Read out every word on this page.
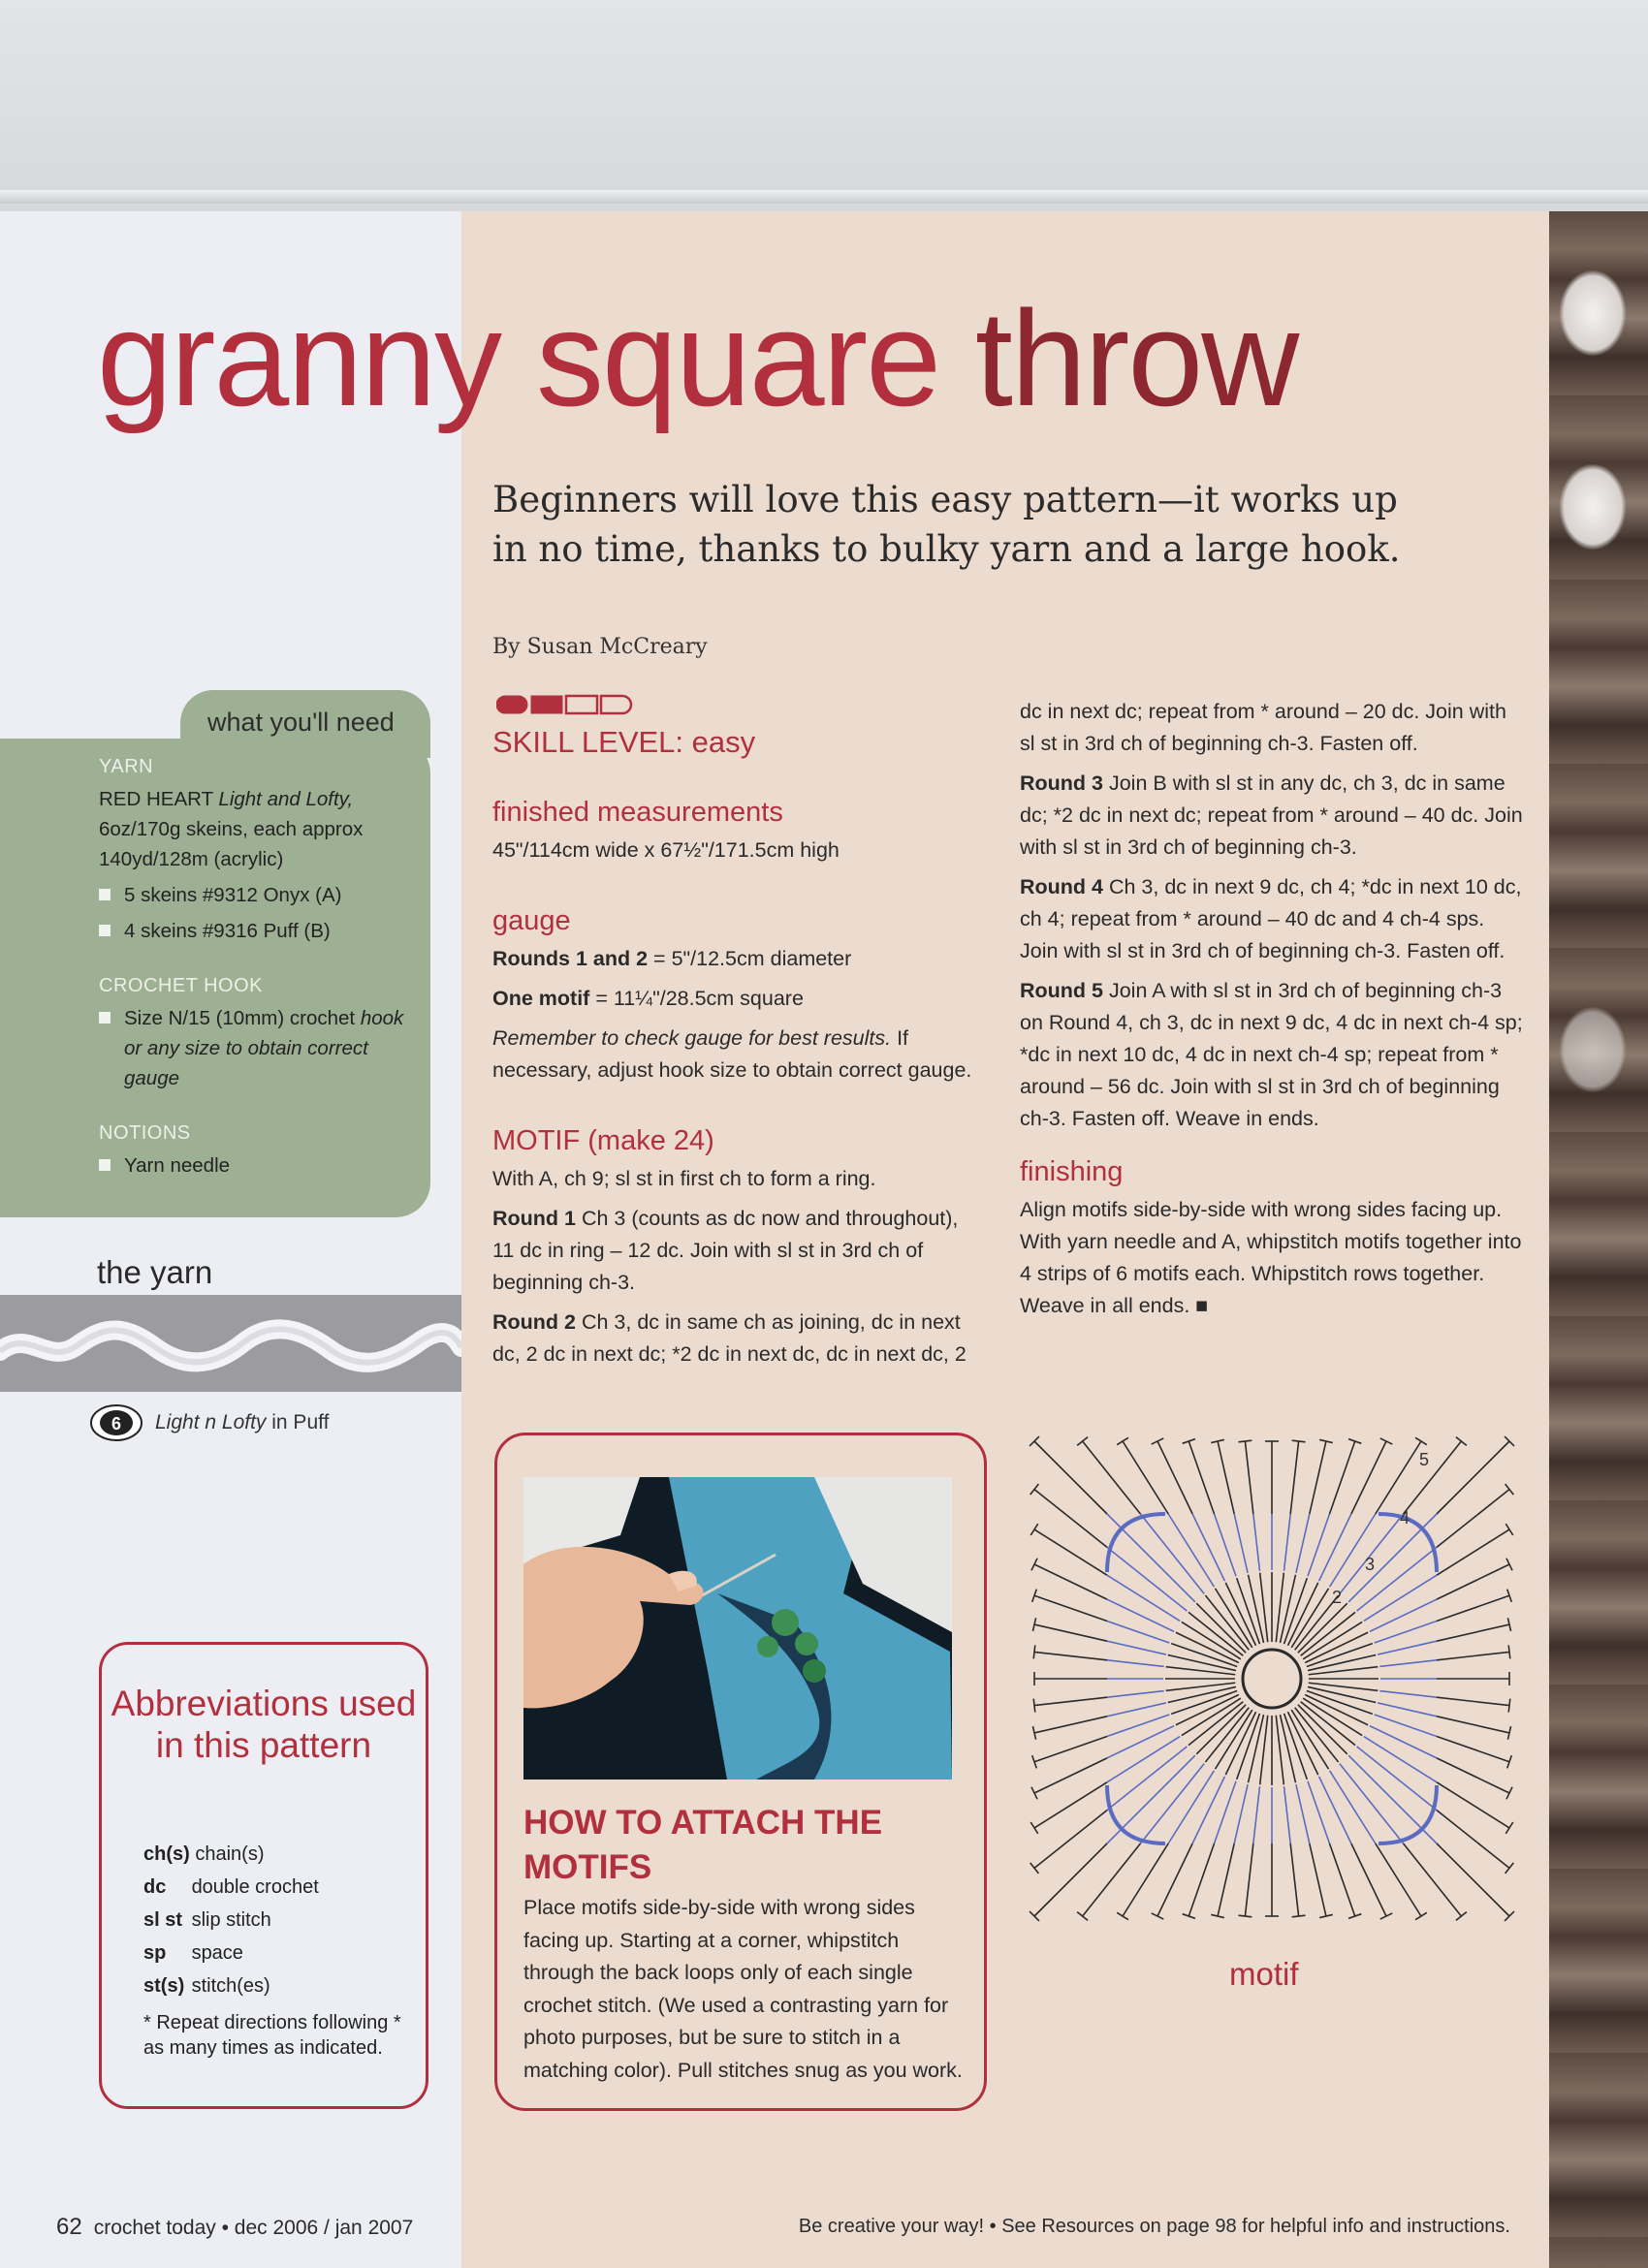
granny square throw

Beginners will love this easy pattern—it works up in no time, thanks to bulky yarn and a large hook.

By Susan McCreary
SKILL LEVEL: easy
what you'll need

YARN

RED HEART Light and Lofty, 6oz/170g skeins, each approx 140yd/128m (acrylic)

5 skeins #9312 Onyx (A)

4 skeins #9316 Puff (B)

CROCHET HOOK

Size N/15 (10mm) crochet hook or any size to obtain correct gauge

NOTIONS

Yarn needle

the yarn
6 Light n Lofty in Puff
Abbreviations used in this pattern

ch(s) chain(s)

dc double crochet

sl st slip stitch

sp space

st(s) stitch(es)

* Repeat directions following * as many times as indicated.

finished measurements

45"/114cm wide x 67½"/171.5cm high

gauge

Rounds 1 and 2 = 5"/12.5cm diameter

One motif = 11¼"/28.5cm square

Remember to check gauge for best results. If necessary, adjust hook size to obtain correct gauge.

MOTIF (make 24)

With A, ch 9; sl st in first ch to form a ring.

Round 1 Ch 3 (counts as dc now and throughout), 11 dc in ring – 12 dc. Join with sl st in 3rd ch of beginning ch-3.

Round 2 Ch 3, dc in same ch as joining, dc in next dc, 2 dc in next dc; *2 dc in next dc, dc in next dc, 2

dc in next dc; repeat from * around – 20 dc. Join with sl st in 3rd ch of beginning ch-3. Fasten off.

Round 3 Join B with sl st in any dc, ch 3, dc in same dc; *2 dc in next dc; repeat from * around – 40 dc. Join with sl st in 3rd ch of beginning ch-3.

Round 4 Ch 3, dc in next 9 dc, ch 4; *dc in next 10 dc, ch 4; repeat from * around – 40 dc and 4 ch-4 sps. Join with sl st in 3rd ch of beginning ch-3. Fasten off.

Round 5 Join A with sl st in 3rd ch of beginning ch-3 on Round 4, ch 3, dc in next 9 dc, 4 dc in next ch-4 sp; *dc in next 10 dc, 4 dc in next ch-4 sp; repeat from * around – 56 dc. Join with sl st in 3rd ch of beginning ch-3. Fasten off. Weave in ends.

finishing

Align motifs side-by-side with wrong sides facing up. With yarn needle and A, whipstitch motifs together into 4 strips of 6 motifs each. Whipstitch rows together. Weave in all ends. ■

HOW TO ATTACH THE MOTIFS

Place motifs side-by-side with wrong sides facing up. Starting at a corner, whipstitch through the back loops only of each single crochet stitch. (We used a contrasting yarn for photo purposes, but be sure to stitch in a matching color). Pull stitches snug as you work.

2
3
4
5
motif
62 crochet today • dec 2006 / jan 2007	Be creative your way! • See Resources on page 98 for helpful info and instructions.
